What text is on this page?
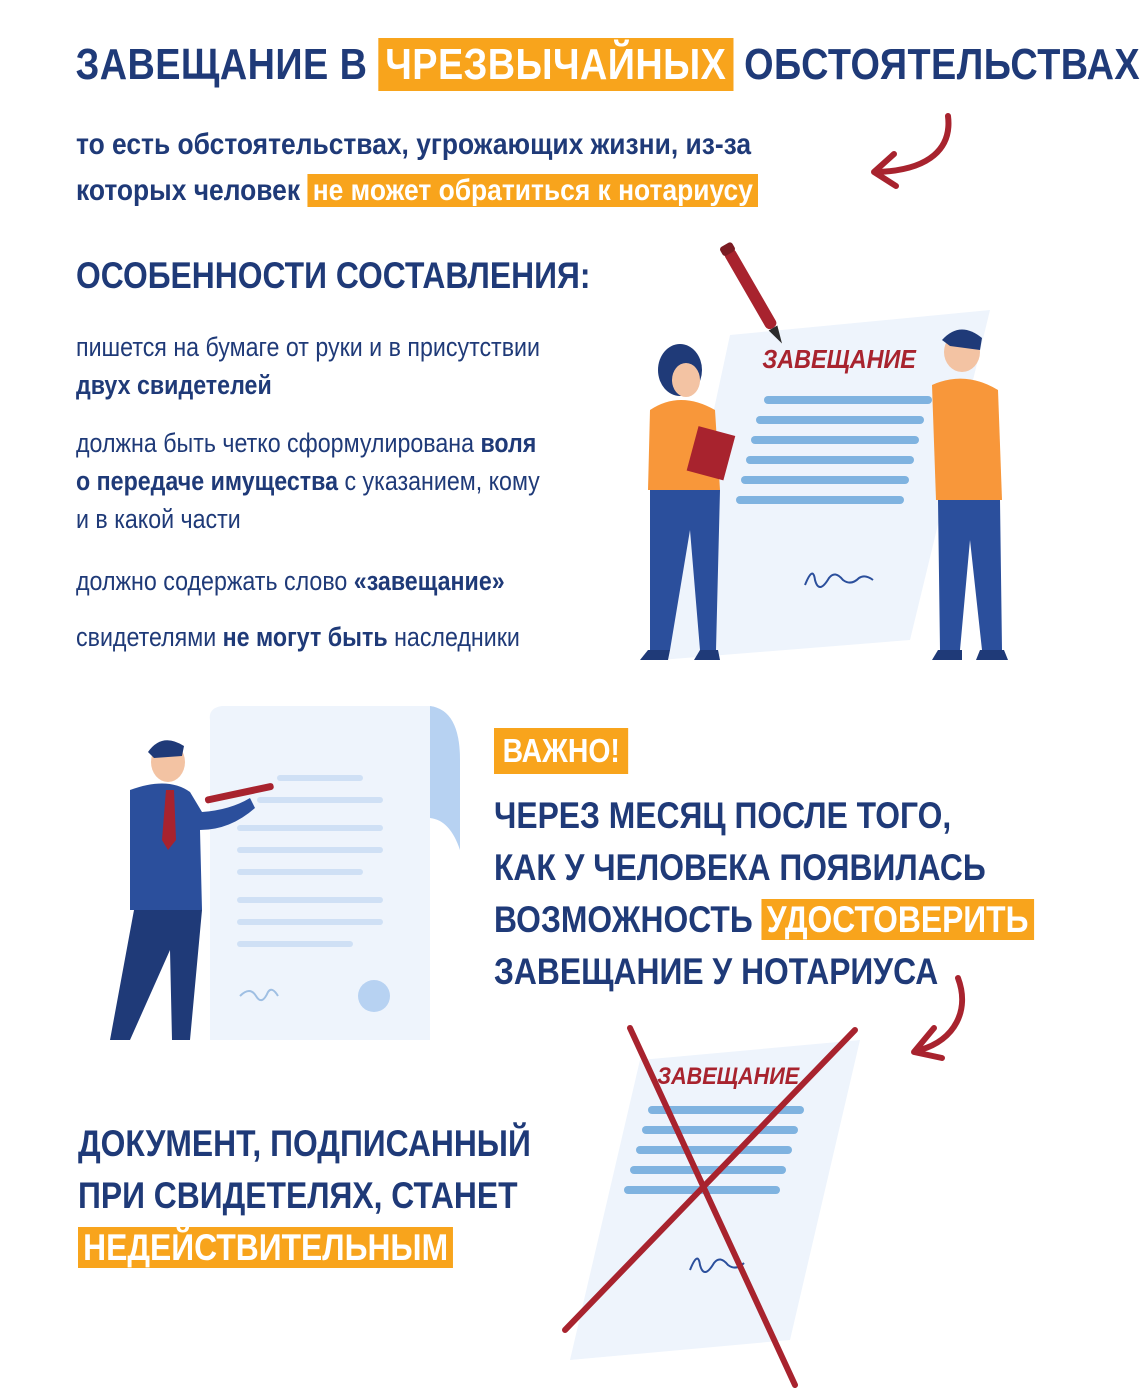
ЗАВЕЩАНИЕ В ЧРЕЗВЫЧАЙНЫХ ОБСТОЯТЕЛЬСТВАХ
то есть обстоятельствах, угрожающих жизни, из-за
которых человек не может обратиться к нотариусу
ОСОБЕННОСТИ СОСТАВЛЕНИЯ:
пишется на бумаге от руки и в присутствии
двух свидетелей
должна быть четко сформулирована воля
о передаче имущества с указанием, кому
и в какой части
должно содержать слово «завещание»
свидетелями не могут быть наследники
ЗАВЕЩАНИЕ
ВАЖНО!
ЧЕРЕЗ МЕСЯЦ ПОСЛЕ ТОГО,
КАК У ЧЕЛОВЕКА ПОЯВИЛАСЬ
ВОЗМОЖНОСТЬ УДОСТОВЕРИТЬ
ЗАВЕЩАНИЕ У НОТАРИУСА
ЗАВЕЩАНИЕ
ДОКУМЕНТ, ПОДПИСАННЫЙ
ПРИ СВИДЕТЕЛЯХ, СТАНЕТ
НЕДЕЙСТВИТЕЛЬНЫМ
